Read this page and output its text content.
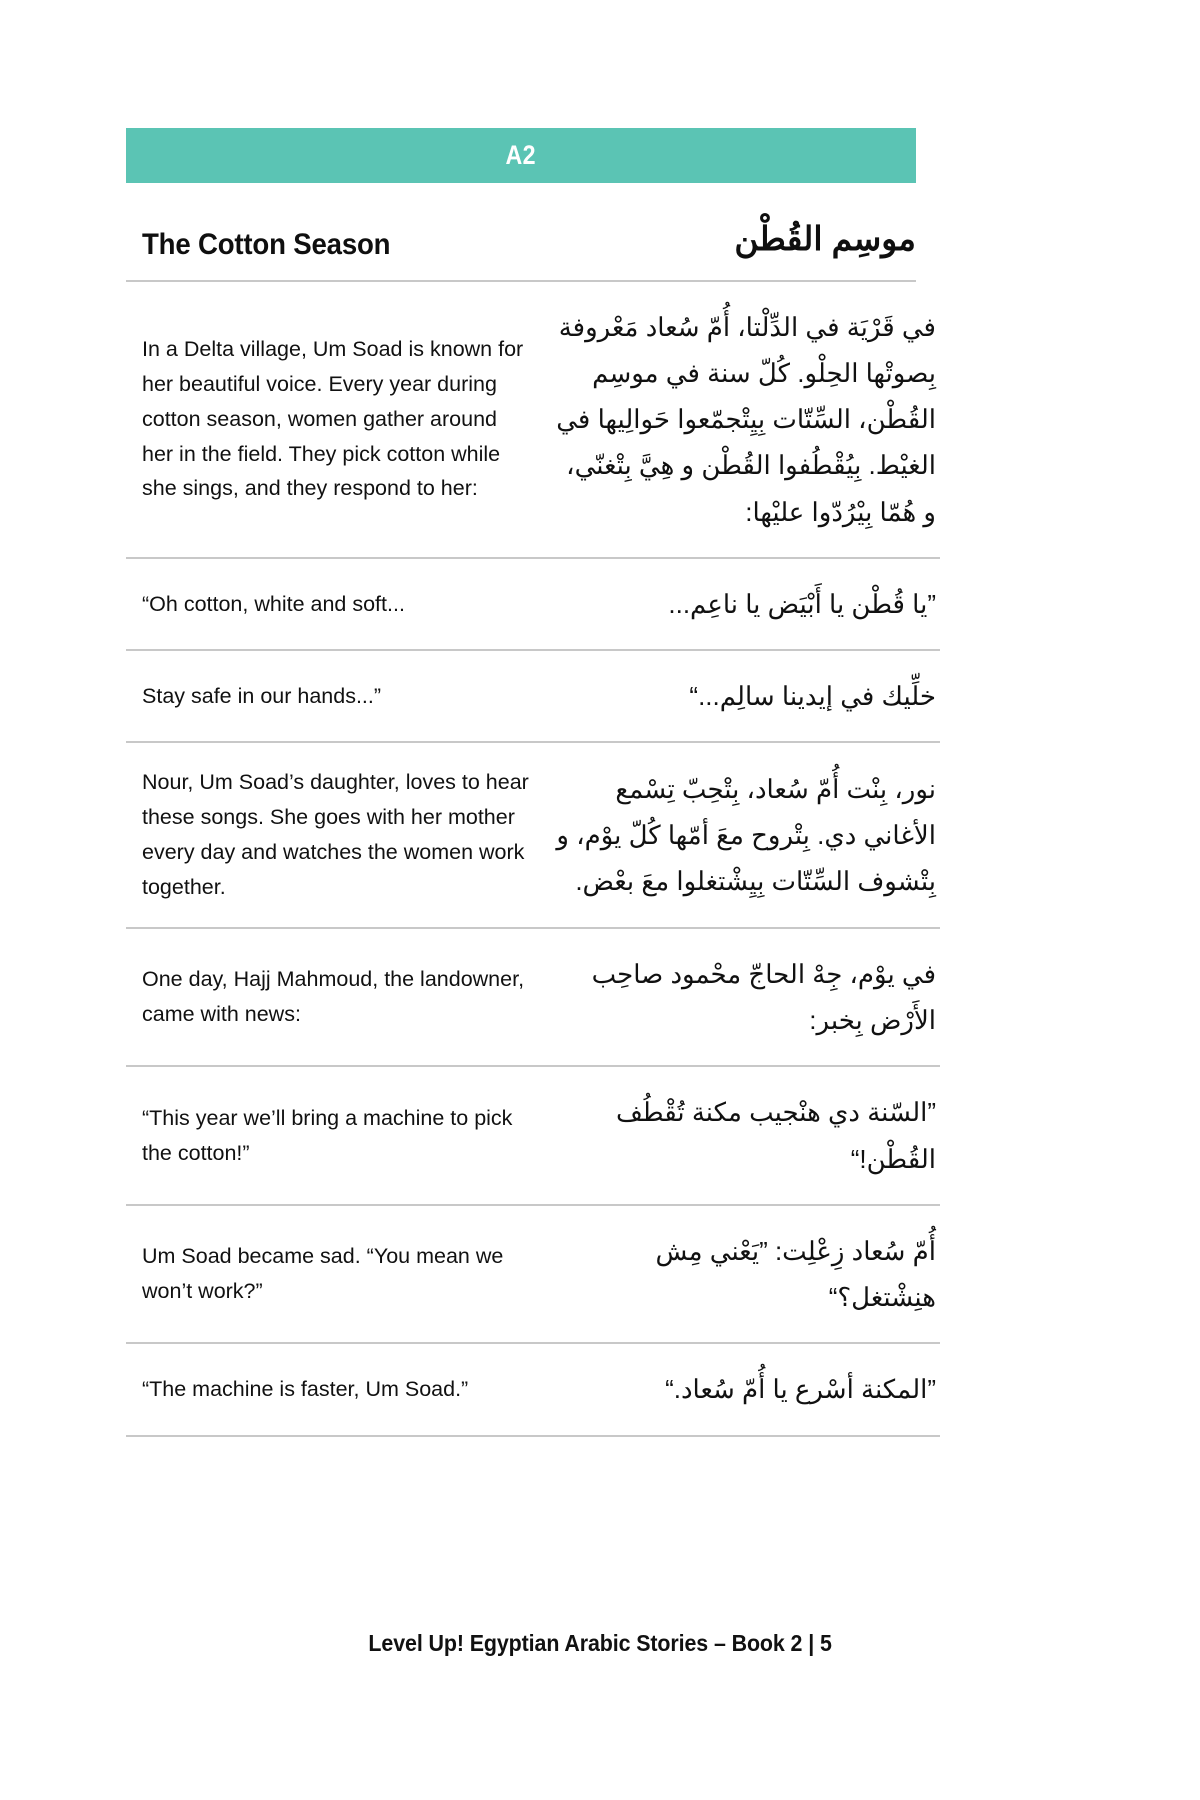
A2
The Cotton Season	موسِم القُطْن
In a Delta village, Um Soad is known for her beautiful voice. Every year during cotton season, women gather around her in the field. They pick cotton while she sings, and they respond to her:	في قَرْيَة في الدِّلْتا، أُمّ سُعاد مَعْروفة بِصوتْها الحِلْو. كُلّ سنة في موسِم القُطْن، السِّتّات بِيِتْجمّعوا حَوالِيها في الغيْط. بِيُقْطُفوا القُطْن و هِيَّ بِتْغنّي، و هُمّا بِيْرُدّوا عليْها:
“Oh cotton, white and soft...	”يا قُطْن يا أَبْيَض يا ناعِم...
Stay safe in our hands...”	خلِّيك في إيدينا سالِم...“
Nour, Um Soad’s daughter, loves to hear these songs. She goes with her mother every day and watches the women work together.	نور، بِنْت أُمّ سُعاد، بِتْحِبّ تِسْمع الأغاني دي. بِتْروح معَ أمّها كُلّ يوْم، و بِتْشوف السِّتّات بِيِشْتغلوا معَ بعْض.
One day, Hajj Mahmoud, the landowner, came with news:	في يوْم، جِهْ الحاجّ محْمود صاحِب الأَرْض بِخبر:
“This year we’ll bring a machine to pick the cotton!”	”السّنة دي هنْجيب مكنة تُقْطُف القُطْن!“
Um Soad became sad. “You mean we won’t work?”	أُمّ سُعاد زِعْلِت: ”يَعْني مِش هنِشْتغل؟“
“The machine is faster, Um Soad.”	”المكنة أسْرع يا أُمّ سُعاد.“
Level Up! Egyptian Arabic Stories – Book 2 | 5
